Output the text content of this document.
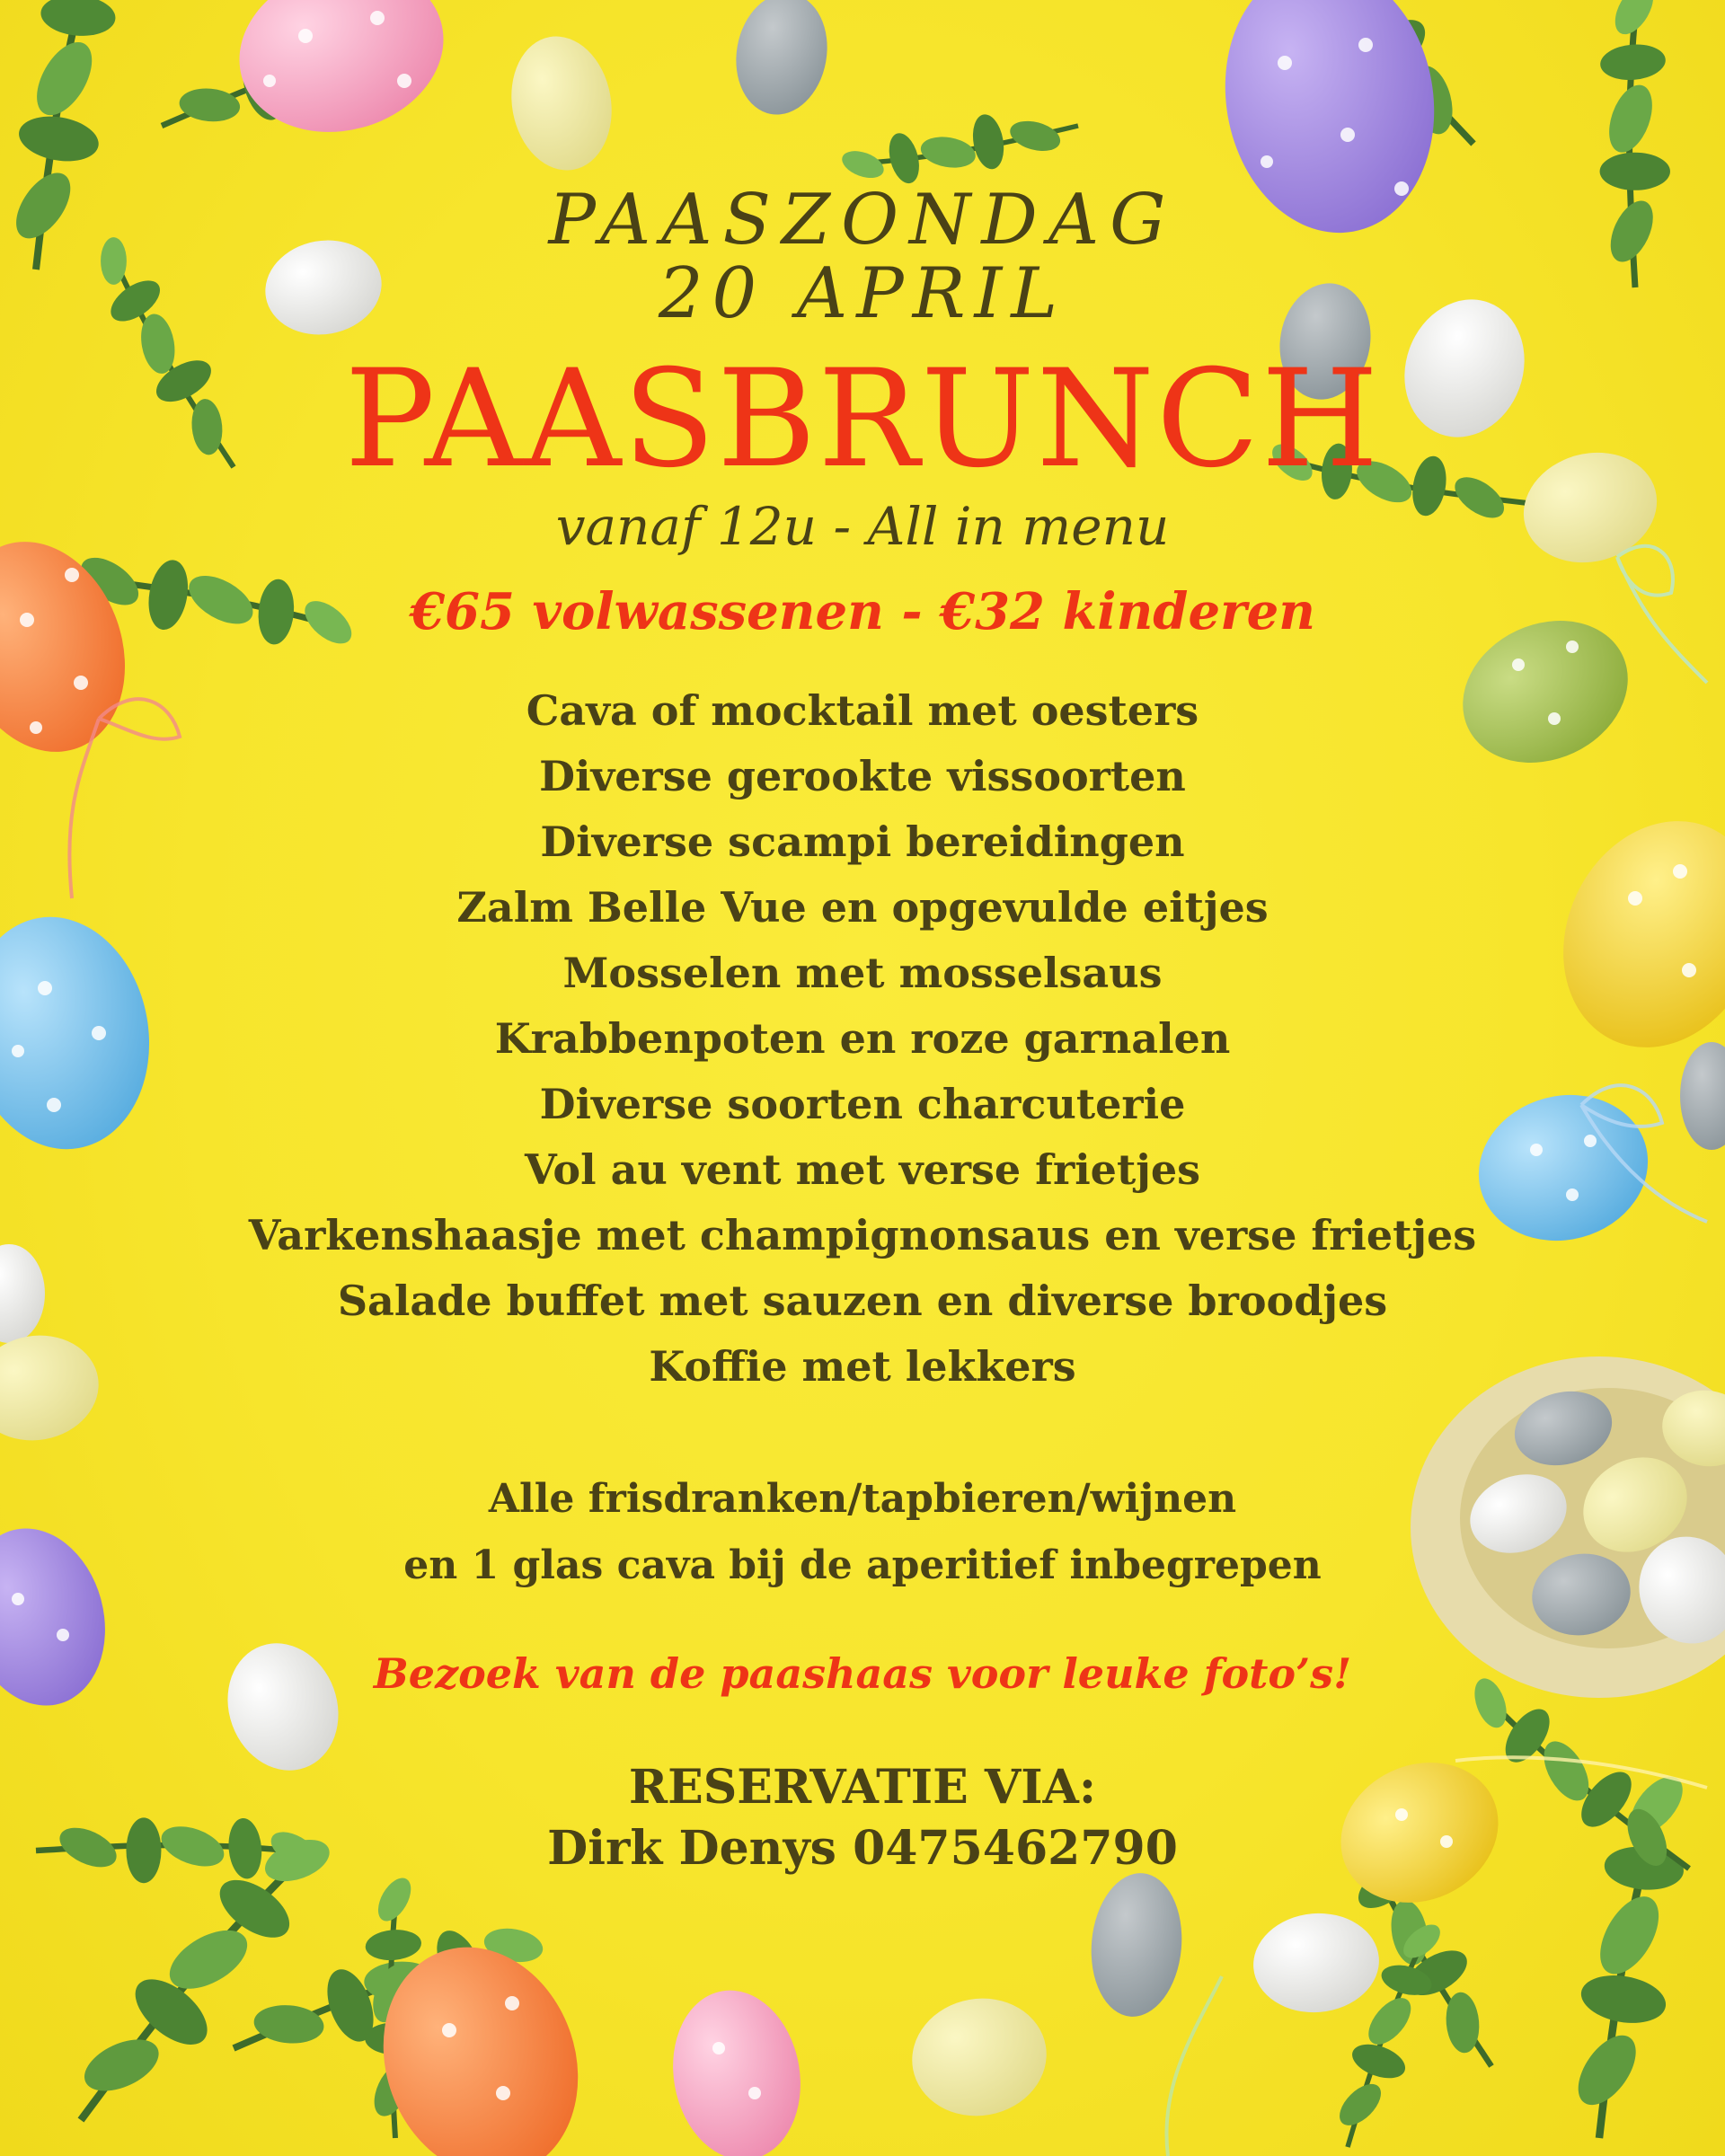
PAASZONDAG
20 APRIL
PAASBRUNCH
vanaf 12u - All in menu
€65 volwassenen - €32 kinderen
Cava of mocktail met oesters
Diverse gerookte vissoorten
Diverse scampi bereidingen
Zalm Belle Vue en opgevulde eitjes
Mosselen met mosselsaus
Krabbenpoten en roze garnalen
Diverse soorten charcuterie
Vol au vent met verse frietjes
Varkenshaasje met champignonsaus en verse frietjes
Salade buffet met sauzen en diverse broodjes
Koffie met lekkers
Alle frisdranken/tapbieren/wijnen
en 1 glas cava bij de aperitief inbegrepen
Bezoek van de paashaas voor leuke foto’s!
RESERVATIE VIA:
Dirk Denys 0475462790
